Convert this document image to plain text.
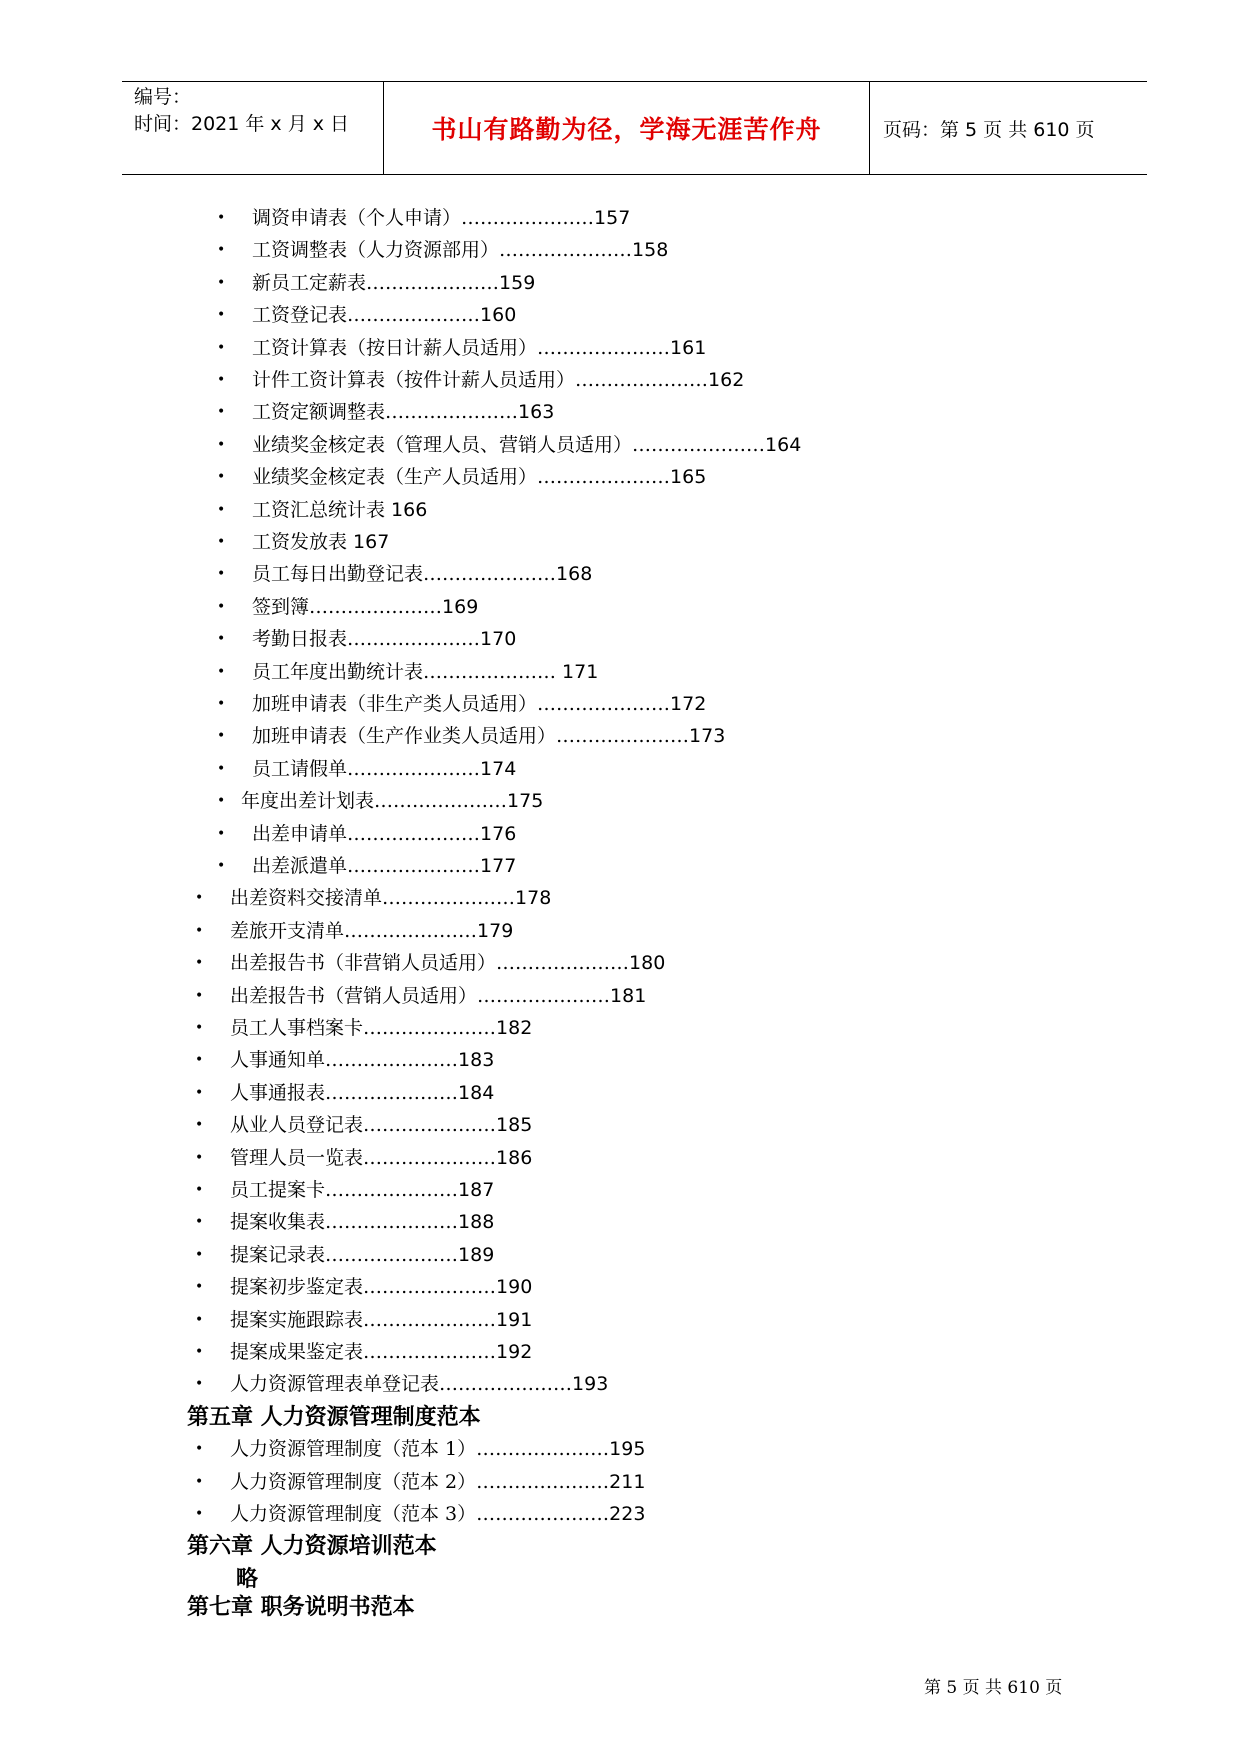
编号：
时间：2021 年 x 月 x 日	书山有路勤为径，学海无涯苦作舟	页码：第 5 页 共 610 页
• 调资申请表（个人申请）…………………157
• 工资调整表（人力资源部用）…………………158
• 新员工定薪表…………………159
• 工资登记表…………………160
• 工资计算表（按日计薪人员适用）…………………161
• 计件工资计算表（按件计薪人员适用）…………………162
• 工资定额调整表…………………163
• 业绩奖金核定表（管理人员、营销人员适用）…………………164
• 业绩奖金核定表（生产人员适用）…………………165
• 工资汇总统计表 166
• 工资发放表 167
• 员工每日出勤登记表…………………168
• 签到簿…………………169
• 考勤日报表…………………170
• 员工年度出勤统计表………………… 171
• 加班申请表（非生产类人员适用）…………………172
• 加班申请表（生产作业类人员适用）…………………173
• 员工请假单…………………174
• 年度出差计划表…………………175
• 出差申请单…………………176
• 出差派遣单…………………177
• 出差资料交接清单…………………178
• 差旅开支清单…………………179
• 出差报告书（非营销人员适用）…………………180
• 出差报告书（营销人员适用）…………………181
• 员工人事档案卡…………………182
• 人事通知单…………………183
• 人事通报表…………………184
• 从业人员登记表…………………185
• 管理人员一览表…………………186
• 员工提案卡…………………187
• 提案收集表…………………188
• 提案记录表…………………189
• 提案初步鉴定表…………………190
• 提案实施跟踪表…………………191
• 提案成果鉴定表…………………192
• 人力资源管理表单登记表…………………193
第五章 人力资源管理制度范本
• 人力资源管理制度（范本 1）…………………195
• 人力资源管理制度（范本 2）…………………211
• 人力资源管理制度（范本 3）…………………223
第六章 人力资源培训范本
略
第七章 职务说明书范本
第 5 页 共 610 页
